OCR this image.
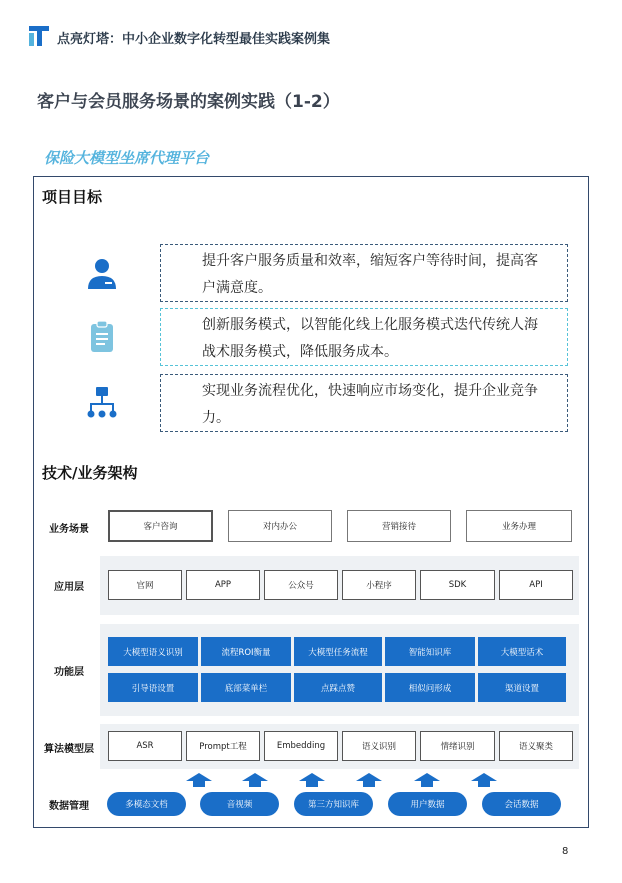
点亮灯塔：中小企业数字化转型最佳实践案例集
客户与会员服务场景的案例实践（1-2）
保险大模型坐席代理平台
项目目标
提升客户服务质量和效率，缩短客户等待时间，提高客户满意度。
创新服务模式，以智能化线上化服务模式迭代传统人海战术服务模式，降低服务成本。
实现业务流程优化，快速响应市场变化，提升企业竞争力。
技术/业务架构
业务场景	客户咨询	对内办公	营销接待	业务办理
应用层	官网	APP	公众号	小程序	SDK	API
功能层
大模型语义识别	流程ROI衡量	大模型任务流程	智能知识库	大模型话术
引导语设置	底部菜单栏	点踩点赞	相似问形成	渠道设置
算法模型层	ASR	Prompt工程	Embedding	语义识别	情绪识别	语义聚类
数据管理	多模态文档	音视频	第三方知识库	用户数据	会话数据
8
